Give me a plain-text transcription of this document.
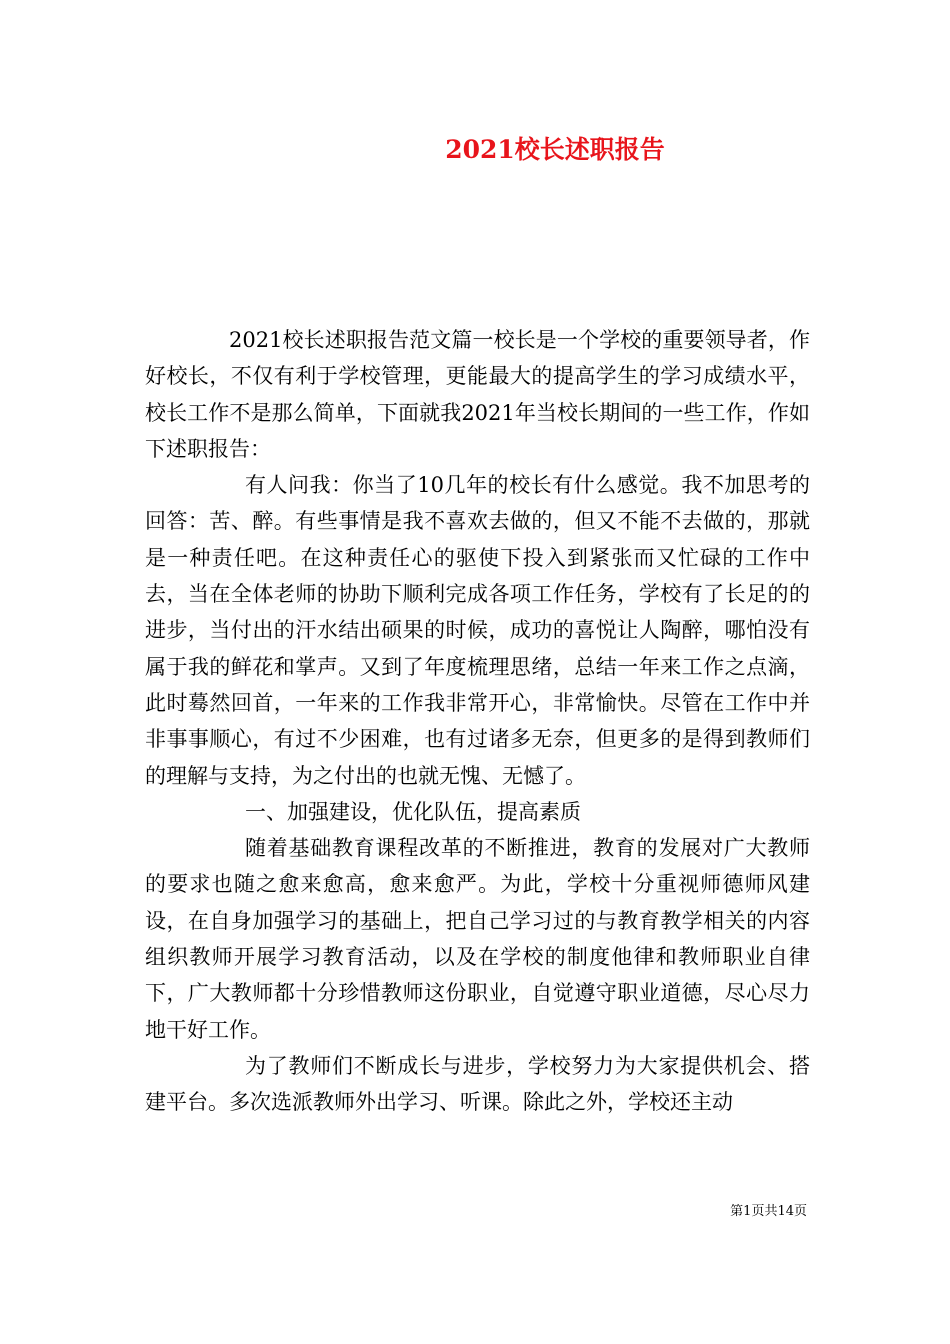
2021校长述职报告

2021校长述职报告范文篇一校长是一个学校的重要领导者，作好校长，不仅有利于学校管理，更能最大的提高学生的学习成绩水平，校长工作不是那么简单，下面就我2021年当校长期间的一些工作，作如下述职报告：

有人问我：你当了10几年的校长有什么感觉。我不加思考的回答：苦、醉。有些事情是我不喜欢去做的，但又不能不去做的，那就是一种责任吧。在这种责任心的驱使下投入到紧张而又忙碌的工作中去，当在全体老师的协助下顺利完成各项工作任务，学校有了长足的的进步，当付出的汗水结出硕果的时候，成功的喜悦让人陶醉，哪怕没有属于我的鲜花和掌声。又到了年度梳理思绪，总结一年来工作之点滴，此时蓦然回首，一年来的工作我非常开心，非常愉快。尽管在工作中并非事事顺心，有过不少困难，也有过诸多无奈，但更多的是得到教师们的理解与支持，为之付出的也就无愧、无憾了。

一、加强建设，优化队伍，提高素质

随着基础教育课程改革的不断推进，教育的发展对广大教师的要求也随之愈来愈高，愈来愈严。为此，学校十分重视师德师风建设，在自身加强学习的基础上，把自己学习过的与教育教学相关的内容组织教师开展学习教育活动，以及在学校的制度他律和教师职业自律下，广大教师都十分珍惜教师这份职业，自觉遵守职业道德，尽心尽力地干好工作。

为了教师们不断成长与进步，学校努力为大家提供机会、搭建平台。多次选派教师外出学习、听课。除此之外，学校还主动

第1页共14页
